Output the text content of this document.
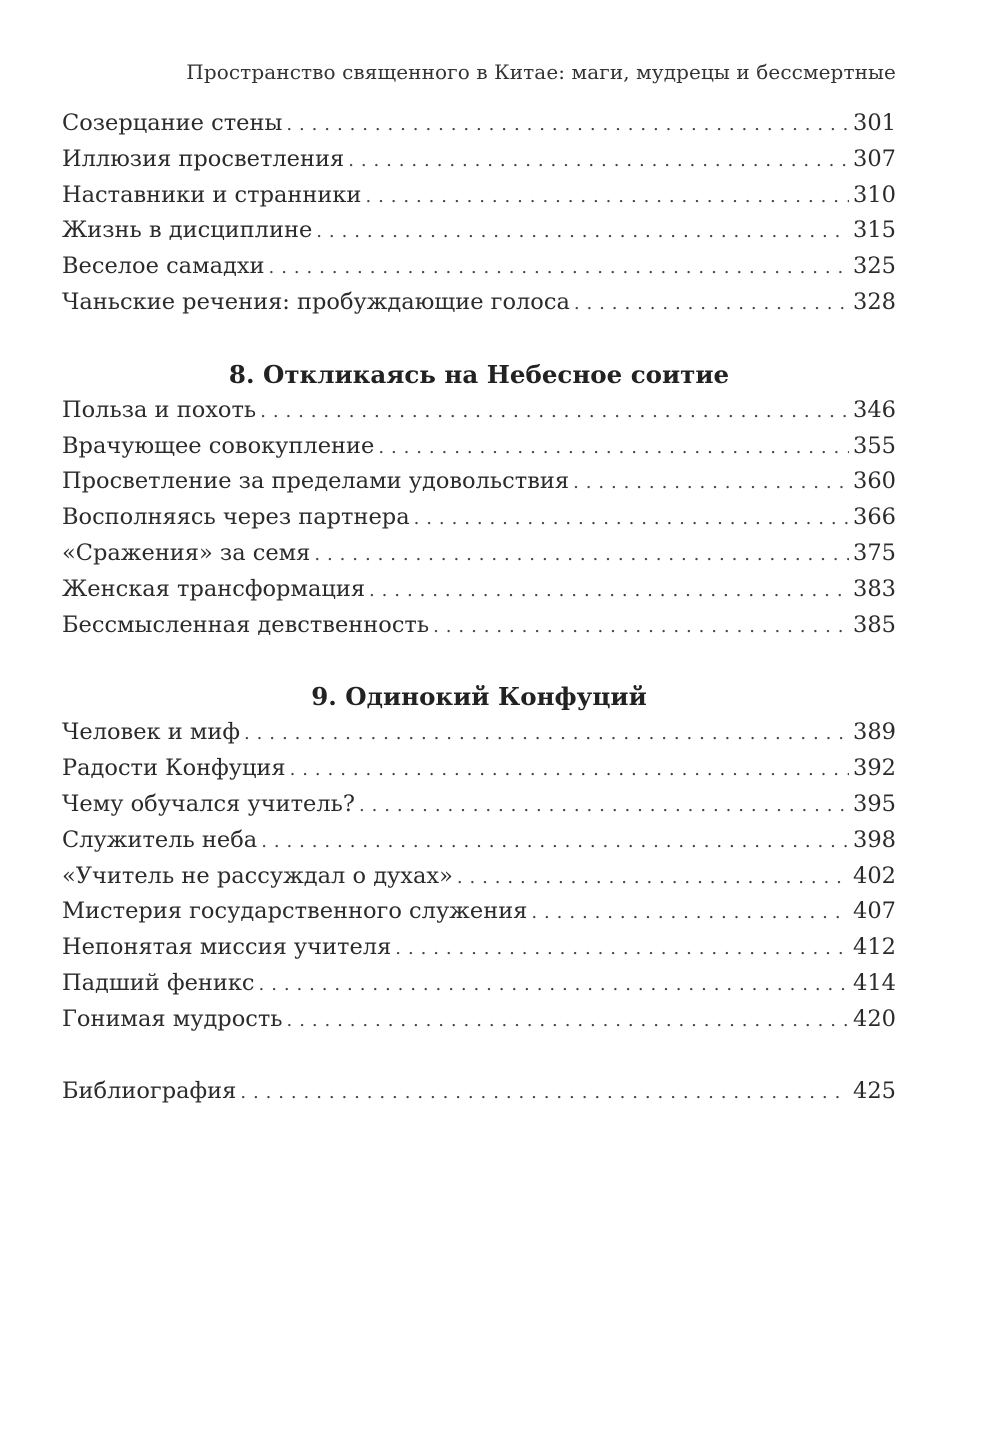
Пространство священного в Китае: маги, мудрецы и бессмертные
Созерцание стены . . .	301
Иллюзия просветления . . .	307
Наставники и странники . . .	310
Жизнь в дисциплине . . .	315
Веселое самадхи . . .	325
Чаньские речения: пробуждающие голоса . . .	328
8. Откликаясь на Небесное соитие
Польза и похоть . . .	346
Врачующее совокупление . . .	355
Просветление за пределами удовольствия . . .	360
Восполняясь через партнера . . .	366
«Сражения» за семя . . .	375
Женская трансформация . . .	383
Бессмысленная девственность . . .	385
9. Одинокий Конфуций
Человек и миф . . .	389
Радости Конфуция . . .	392
Чему обучался учитель? . . .	395
Служитель неба . . .	398
«Учитель не рассуждал о духах» . . .	402
Мистерия государственного служения . . .	407
Непонятая миссия учителя . . .	412
Падший феникс . . .	414
Гонимая мудрость . . .	420
Библиография . . .	425
